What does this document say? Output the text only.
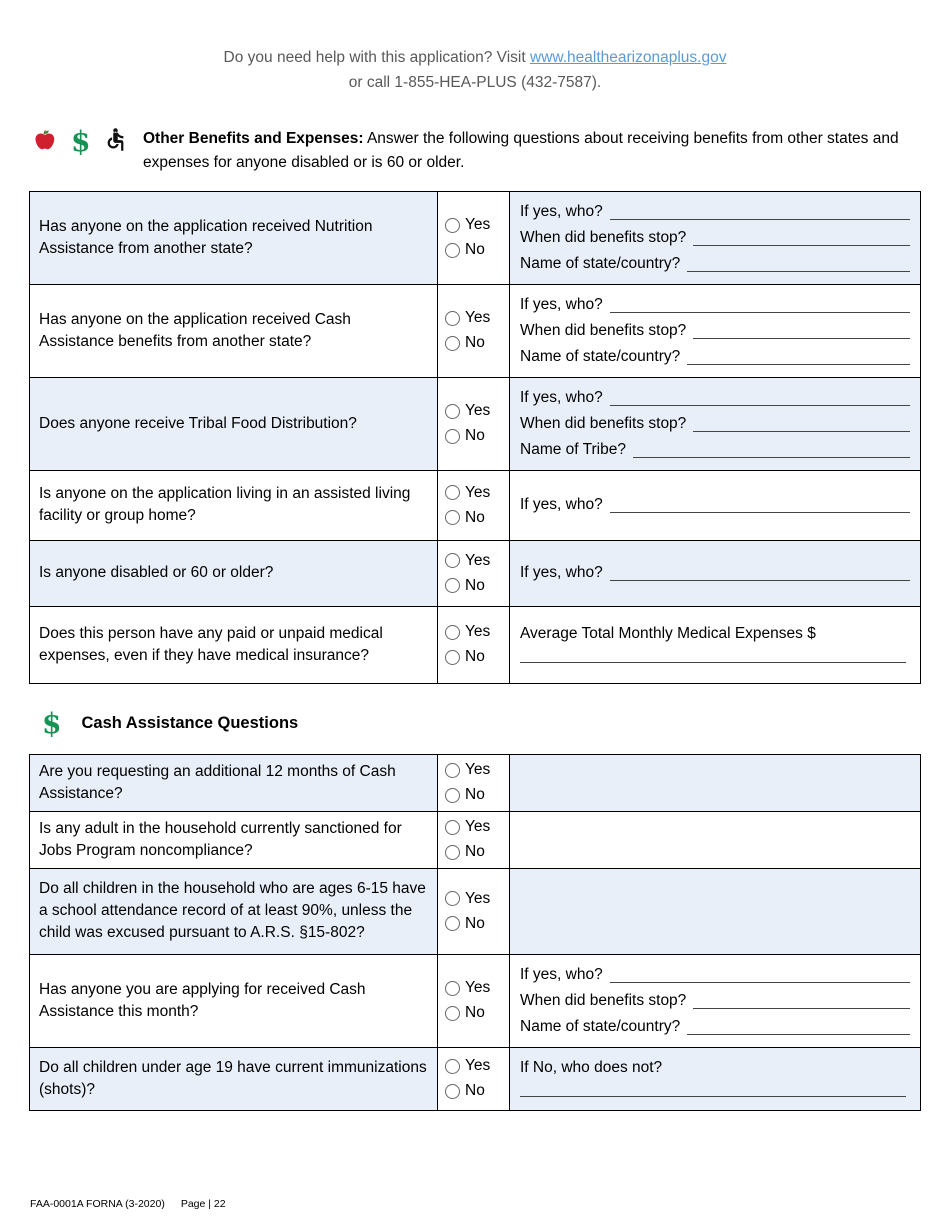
Do you need help with this application? Visit www.healthearizonaplus.gov
or call 1-855-HEA-PLUS (432-7587).
$	Other Benefits and Expenses: Answer the following questions about receiving benefits from other states and expenses for anyone disabled or is 60 or older.
Has anyone on the application received Nutrition Assistance from another state?
Yes
No
If yes, who?
When did benefits stop?
Name of state/country?
Has anyone on the application received Cash Assistance benefits from another state?
Yes
No
If yes, who?
When did benefits stop?
Name of state/country?
Does anyone receive Tribal Food Distribution?
Yes
No
If yes, who?
When did benefits stop?
Name of Tribe?
Is anyone on the application living in an assisted living facility or group home?
Yes
No
If yes, who?
Is anyone disabled or 60 or older?
Yes
No
If yes, who?
Does this person have any paid or unpaid medical expenses, even if they have medical insurance?
Yes
No
Average Total Monthly Medical Expenses $
$ Cash Assistance Questions
Are you requesting an additional 12 months of Cash Assistance?
Yes
No
Is any adult in the household currently sanctioned for Jobs Program noncompliance?
Yes
No
Do all children in the household who are ages 6-15 have a school attendance record of at least 90%, unless the child was excused pursuant to A.R.S. §15-802?
Yes
No
Has anyone you are applying for received Cash Assistance this month?
Yes
No
If yes, who?
When did benefits stop?
Name of state/country?
Do all children under age 19 have current immunizations (shots)?
Yes
No
If No, who does not?
FAA-0001A FORNA (3-2020) Page | 22
